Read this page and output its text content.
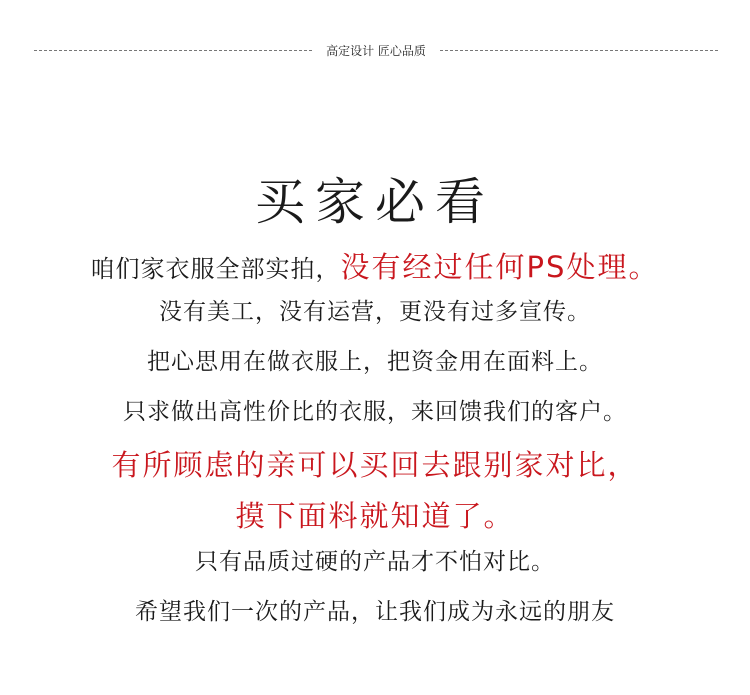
高定设计 匠心品质
买家必看
咱们家衣服全部实拍，没有经过任何PS处理。
没有美工，没有运营，更没有过多宣传。
把心思用在做衣服上，把资金用在面料上。
只求做出高性价比的衣服，来回馈我们的客户。
有所顾虑的亲可以买回去跟别家对比，
摸下面料就知道了。
只有品质过硬的产品才不怕对比。
希望我们一次的产品，让我们成为永远的朋友
